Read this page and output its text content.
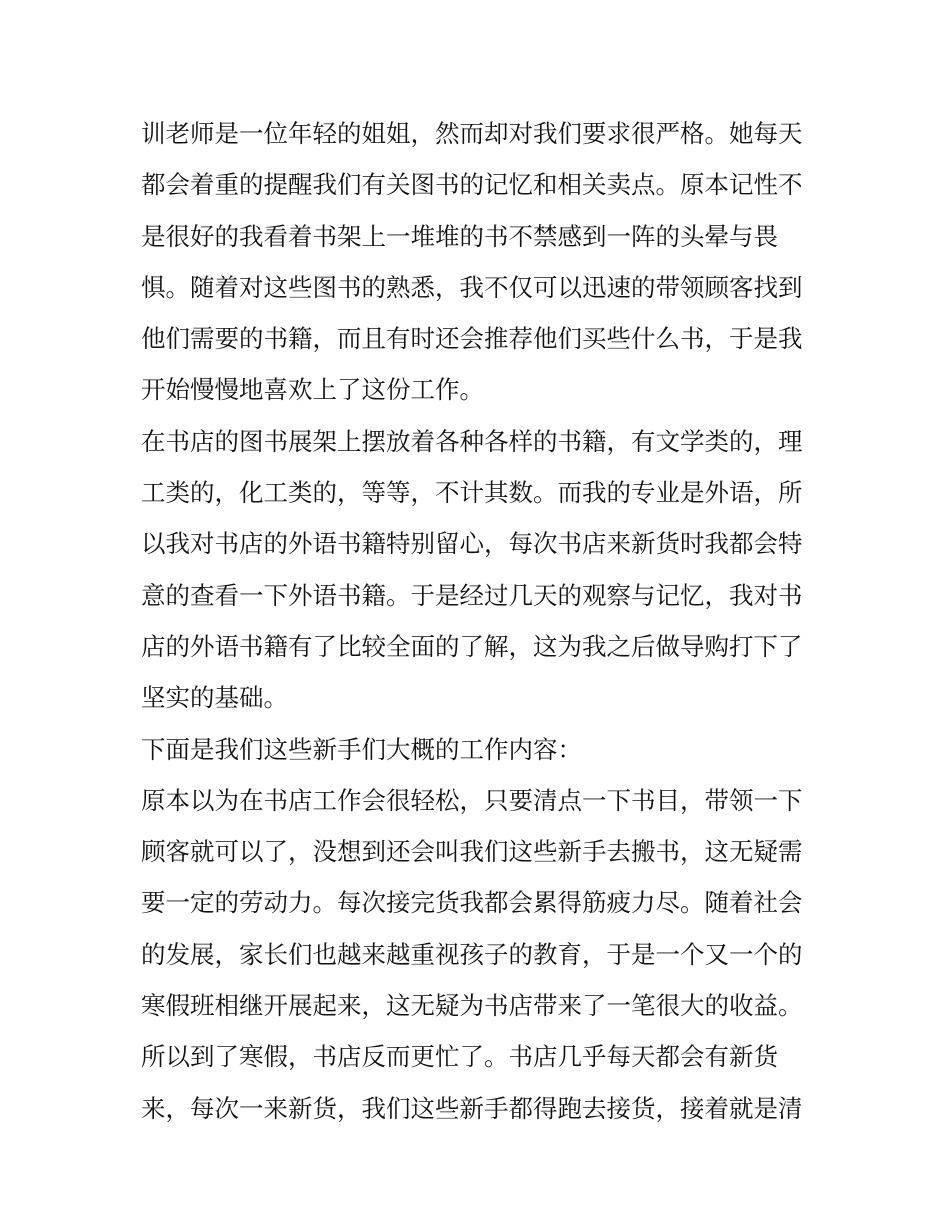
训老师是一位年轻的姐姐，然而却对我们要求很严格。她每天
都会着重的提醒我们有关图书的记忆和相关卖点。原本记性不
是很好的我看着书架上一堆堆的书不禁感到一阵的头晕与畏
惧。随着对这些图书的熟悉，我不仅可以迅速的带领顾客找到
他们需要的书籍，而且有时还会推荐他们买些什么书，于是我
开始慢慢地喜欢上了这份工作。
在书店的图书展架上摆放着各种各样的书籍，有文学类的，理
工类的，化工类的，等等，不计其数。而我的专业是外语，所
以我对书店的外语书籍特别留心，每次书店来新货时我都会特
意的查看一下外语书籍。于是经过几天的观察与记忆，我对书
店的外语书籍有了比较全面的了解，这为我之后做导购打下了
坚实的基础。
下面是我们这些新手们大概的工作内容：
原本以为在书店工作会很轻松，只要清点一下书目，带领一下
顾客就可以了，没想到还会叫我们这些新手去搬书，这无疑需
要一定的劳动力。每次接完货我都会累得筋疲力尽。随着社会
的发展，家长们也越来越重视孩子的教育，于是一个又一个的
寒假班相继开展起来，这无疑为书店带来了一笔很大的收益。
所以到了寒假，书店反而更忙了。书店几乎每天都会有新货
来，每次一来新货，我们这些新手都得跑去接货，接着就是清
